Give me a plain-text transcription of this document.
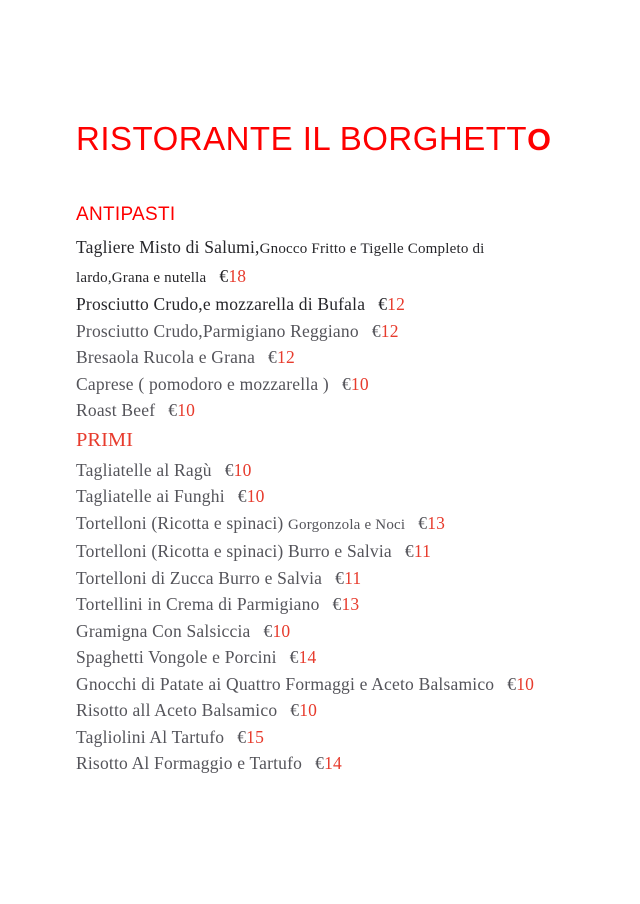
RISTORANTE IL BORGHETTO
ANTIPASTI
Tagliere Misto di Salumi,Gnocco Fritto e Tigelle Completo di
lardo,Grana e nutella €18
Prosciutto Crudo,e mozzarella di Bufala €12
Prosciutto Crudo,Parmigiano Reggiano €12
Bresaola Rucola e Grana €12
Caprese ( pomodoro e mozzarella ) €10
Roast Beef €10
PRIMI
Tagliatelle al Ragù €10
Tagliatelle ai Funghi €10
Tortelloni (Ricotta e spinaci) Gorgonzola e Noci €13
Tortelloni (Ricotta e spinaci) Burro e Salvia €11
Tortelloni di Zucca Burro e Salvia €11
Tortellini in Crema di Parmigiano €13
Gramigna Con Salsiccia €10
Spaghetti Vongole e Porcini €14
Gnocchi di Patate ai Quattro Formaggi e Aceto Balsamico €10
Risotto all Aceto Balsamico €10
Tagliolini Al Tartufo €15
Risotto Al Formaggio e Tartufo €14
